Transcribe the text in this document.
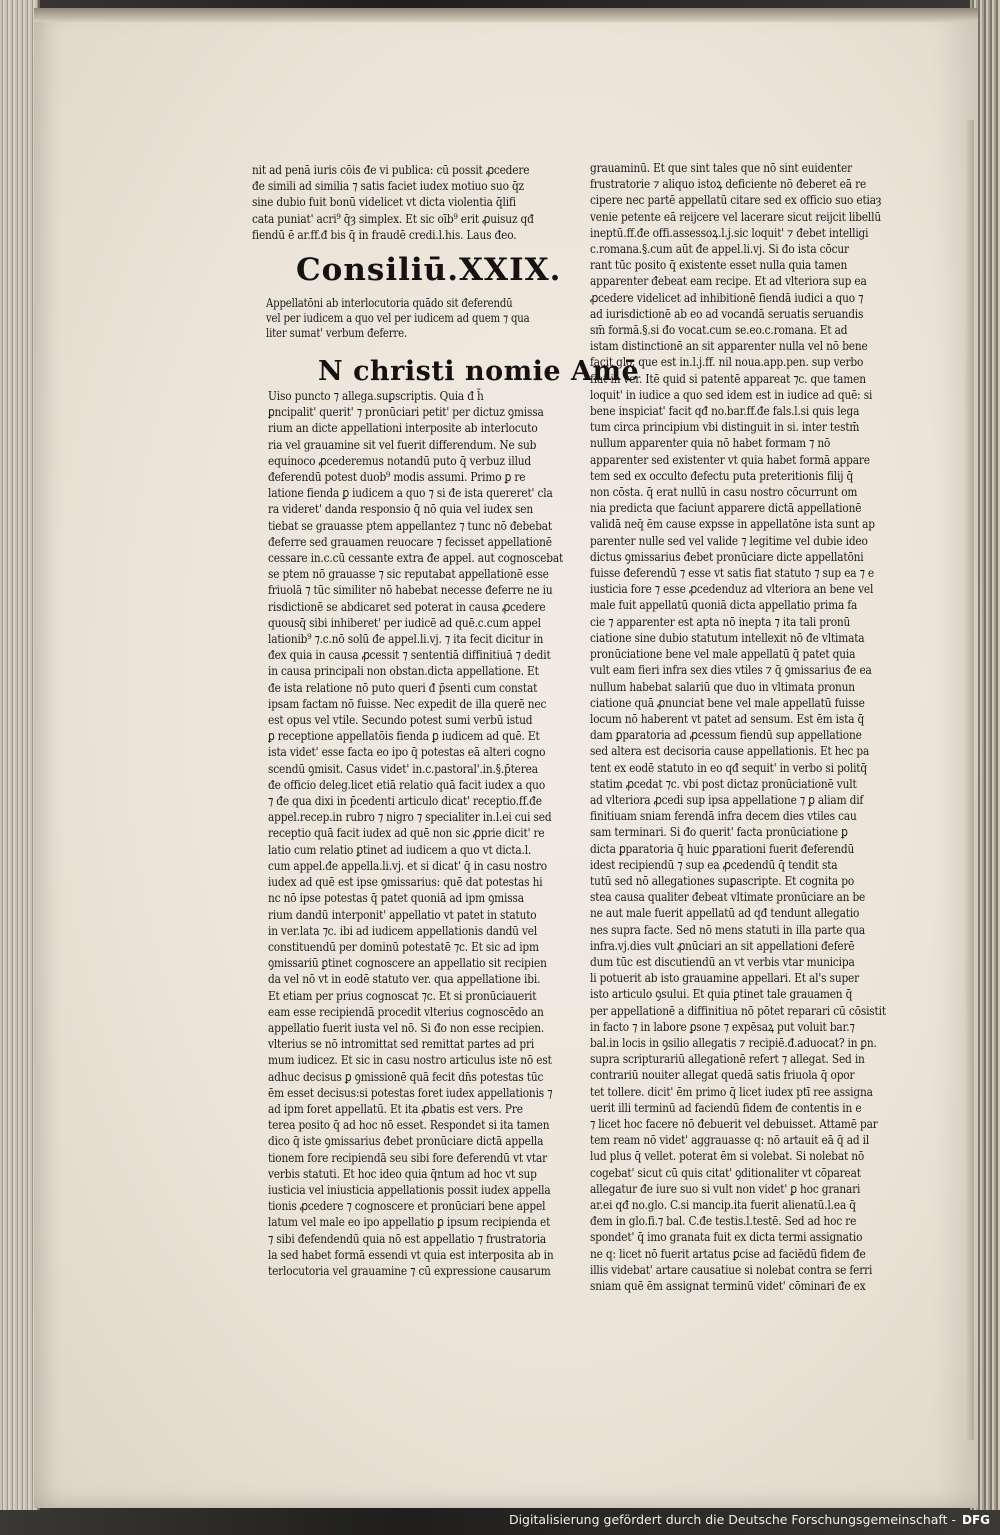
nit ad penā iuris cōis đe vi publica: cū possit ꝓcedere
đe simili ad similia ⁊ satis faciet iudex motiuo suo q̄z
sine dubio fuit bonū videlicet vt dicta violentia q̄lifi
cata puniat' acri⁹ q̄ȝ simplex. Et sic oīb⁹ erit ꝓuisuz qđ
fiendū ē ar.ff.đ bis q̄ in fraudē credi.l.his. Laus đeo.
Consiliū.XXIX.
Appellatōni ab interlocutoria quādo sit đeferendū
vel per iudicem a quo vel per iudicem ad quem ⁊ qua
liter sumat' verbum đeferre.
N christi nomie Amē
Uiso puncto ⁊ allega.suꝑscriptis. Quia đ h̄
ꝑncipalit' querit' ⁊ pronūciari petit' per dictuz ꝯmissa
rium an dicte appellationi interposite ab interlocuto
ria vel grauamine sit vel fuerit differendum. Ne sub
equinoco ꝓcederemus notandū puto q̄ verbuz illud
đeferendū potest duob⁹ modis assumi. Primo ꝑ re
latione fienda ꝑ iudicem a quo ⁊ si đe ista quereret' cla
ra videret' danda responsio q̄ nō quia vel iudex sen
tiebat se grauasse ptem appellantez ⁊ tunc nō đebebat
đeferre sed grauamen reuocare ⁊ fecisset appellationē
cessare in.c.cū cessante extra đe appel. aut cognoscebat
se ptem nō grauasse ⁊ sic reputabat appellationē esse
friuolā ⁊ tūc similiter nō habebat necesse đeferre ne iu
risdictionē se abdicaret sed poterat in causa ꝓcedere
quousq̄ sibi inhiberet' per iudicē ad quē.c.cum appel
lationib⁹ ⁊.c.nō solū đe appel.li.vj. ⁊ ita fecit dicitur in
đex quia in causa ꝓcessit ⁊ sententiā diffinitiuā ⁊ dedit
in causa principali non obstan.dicta appellatione. Et
đe ista relatione nō puto queri đ p̄senti cum constat
ipsam factam nō fuisse. Nec expedit de illa querē nec
est opus vel vtile. Secundo potest sumi verbū istud
ꝑ receptione appellatōis fienda ꝑ iudicem ad quē. Et
ista videt' esse facta eo ipo q̄ potestas eā alteri cogno
scendū ꝯmisit. Casus videt' in.c.pastoral'.in.§.p̄terea
đe officio deleg.licet etiā relatio quā facit iudex a quo
⁊ đe qua dixi in p̄cedenti articulo dicat' receptio.ff.đe
appel.recep.in rubro ⁊ nigro ⁊ specialiter in.l.ei cui sed
receptio quā facit iudex ad quē non sic ꝓprie dicit' re
latio cum relatio ꝑtinet ad iudicem a quo vt dicta.l.
cum appel.đe appella.li.vj. et si dicat' q̄ in casu nostro
iudex ad quē est ipse ꝯmissarius: quē dat potestas hi
nc nō ipse potestas q̄ patet quoniā ad ipm ꝯmissa
rium dandū interponit' appellatio vt patet in statuto
in ver.lata ⁊c. ibi ad iudicem appellationis dandū vel
constituendū per dominū potestatē ⁊c. Et sic ad ipm
ꝯmissariū ꝑtinet cognoscere an appellatio sit recipien
da vel nō vt in eodē statuto ver. qua appellatione ibi.
Et etiam per prius cognoscat ⁊c. Et si pronūciauerit
eam esse recipiendā procedit vlterius cognoscēdo an
appellatio fuerit iusta vel nō. Si đo non esse recipien.
vlterius se nō intromittat sed remittat partes ad pri
mum iudicez. Et sic in casu nostro articulus iste nō est
adhuc decisus ꝑ ꝯmissionē quā fecit dn̄s potestas tūc
ēm esset decisus:si potestas foret iudex appellationis ⁊
ad ipm foret appellatū. Et ita ꝓbatis est vers. Pre
terea posito q̄ ad hoc nō esset. Respondet si ita tamen
dico q̄ iste ꝯmissarius đebet pronūciare dictā appella
tionem fore recipiendā seu sibi fore đeferendū vt vtar
verbis statuti. Et hoc ideo quia q̄ntum ad hoc vt sup
iusticia vel iniusticia appellationis possit iudex appella
tionis ꝓcedere ⁊ cognoscere et pronūciari bene appel
latum vel male eo ipo appellatio ꝑ ipsum recipienda et
⁊ sibi đefendendū quia nō est appellatio ⁊ frustratoria
la sed habet formā essendi vt quia est interposita ab in
terlocutoria vel grauamine ⁊ cū expressione causarum
grauaminū. Et que sint tales que nō sint euidenter
frustratorie ⁊ aliquo istoꝝ deficiente nō đeberet eā re
cipere nec partē appellatū citare sed ex officio suo etiaȝ
venie petente eā reijcere vel lacerare sicut reijcit libellū
ineptū.ff.đe offi.assessoꝝ.l.j.sic loquit' ⁊ đebet intelligi
c.romana.§.cum aūt đe appel.li.vj. Si đo ista cōcur
rant tūc posito q̄ existente esset nulla quia tamen
apparenter đebeat eam recipe. Et ad vlteriora sup ea
ꝓcedere videlicet ad inhibitionē fiendā iudici a quo ⁊
ad iurisdictionē ab eo ad vocandā seruatis seruandis
sm̄ formā.§.si đo vocat.cum se.eo.c.romana. Et ad
istam distinctionē an sit apparenter nulla vel nō bene
facit glo. que est in.l.j.ff. nil noua.app.pen. sup verbo
fiat in ver. Itē quid si patentē appareat ⁊c. que tamen
loquit' in iudice a quo sed idem est in iudice ad quē: si
bene inspiciat' facit qđ no.bar.ff.đe fals.l.si quis lega
tum circa principium vbi distinguit in si. inter testm̄
nullum apparenter quia nō habet formam ⁊ nō
apparenter sed existenter vt quia habet formā appare
tem sed ex occulto đefectu puta preteritionis filij q̄
non cōsta. q̄ erat nullū in casu nostro cōcurrunt om
nia predicta que faciunt apparere dictā appellationē
validā neq̄ ēm cause expsse in appellatōne ista sunt ap
parenter nulle sed vel valide ⁊ legitime vel dubie ideo
dictus ꝯmissarius đebet pronūciare dicte appellatōni
fuisse đeferendū ⁊ esse vt satis fiat statuto ⁊ sup ea ⁊ e
iusticia fore ⁊ esse ꝓcedenduz ad vlteriora an bene vel
male fuit appellatū quoniā dicta appellatio prima fa
cie ⁊ apparenter est apta nō inepta ⁊ ita tali pronū
ciatione sine dubio statutum intellexit nō đe vltimata
pronūciatione bene vel male appellatū q̄ patet quia
vult eam fieri infra sex dies vtiles ⁊ q̄ ꝯmissarius đe ea
nullum habebat salariū que duo in vltimata pronun
ciatione quā ꝓnunciat bene vel male appellatū fuisse
locum nō haberent vt patet ad sensum. Est ēm ista q̄
dam ꝑparatoria ad ꝓcessum fiendū sup appellatione
sed altera est decisoria cause appellationis. Et hec pa
tent ex eodē statuto in eo qđ sequit' in verbo si politq̄
statim ꝓcedat ⁊c. vbi post dictaz pronūciationē vult
ad vlteriora ꝓcedi sup ipsa appellatione ⁊ ꝑ aliam dif
finitiuam sniam ferendā infra decem dies vtiles cau
sam terminari. Si đo querit' facta pronūciatione ꝑ
dicta ꝑparatoria q̄ huic ꝑparationi fuerit đeferendū
idest recipiendū ⁊ sup ea ꝓcedendū q̄ tendit sta
tutū sed nō allegationes suꝑascripte. Et cognita po
stea causa qualiter đebeat vltimate pronūciare an be
ne aut male fuerit appellatū ad qđ tendunt allegatio
nes supra facte. Sed nō mens statuti in illa parte qua
infra.vj.dies vult ꝓnūciari an sit appellationi đeferē
dum tūc est discutiendū an vt verbis vtar municipa
li potuerit ab isto grauamine appellari. Et al's super
isto articulo ꝯsului. Et quia ꝑtinet tale grauamen q̄
per appellationē a diffinitiua nō pōtet reparari cū cōsistit
in facto ⁊ in labore ꝑsone ⁊ expēsaꝝ put voluit bar.⁊
bal.in locis in ꝯsilio allegatis ⁊ recipiē.đ.aduocat? in ꝑn.
supra scripturariū allegationē refert ⁊ allegat. Sed in
contrariū nouiter allegat quedā satis friuola q̄ opor
tet tollere. dicit' ēm primo q̄ licet iudex ptī ree assigna
uerit illi terminū ad faciendū fidem đe contentis in e
⁊ licet hoc facere nō đebuerit vel debuisset. Attamē par
tem ream nō videt' aggrauasse q: nō artauit eā q̄ ad il
lud plus q̄ vellet. poterat ēm si volebat. Si nolebat nō
cogebat' sicut cū quis citat' ꝯditionaliter vt cōpareat
allegatur đe iure suo si vult non videt' ꝑ hoc granari
ar.ei qđ no.glo. C.si mancip.ita fuerit alienatū.l.ea q̄
đem in glo.fi.⁊ bal. C.đe testis.l.testē. Sed ad hoc re
spondet' q̄ imo granata fuit ex dicta termi assignatio
ne q: licet nō fuerit artatus ꝑcise ad faciēdū fidem đe
illis videbat' artare causatiue si nolebat contra se ferri
sniam quē ēm assignat terminū videt' cōminari đe ex
Digitalisierung gefördert durch die Deutsche Forschungsgemeinschaft - DFG
